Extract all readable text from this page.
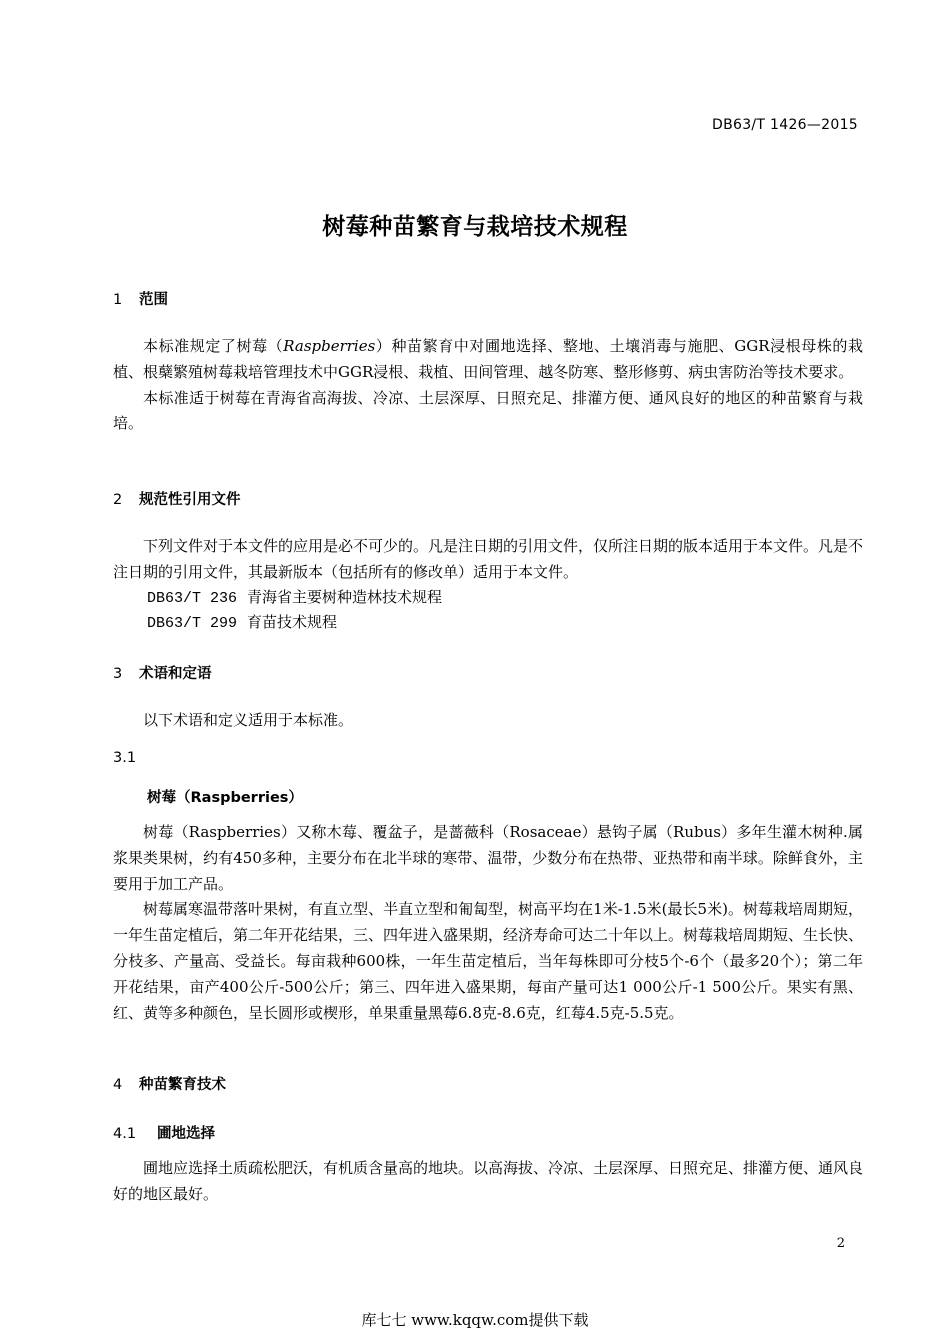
DB63/T 1426—2015
树莓种苗繁育与栽培技术规程
1 范围

本标准规定了树莓（Raspberries）种苗繁育中对圃地选择、整地、土壤消毒与施肥、GGR浸根母株的栽植、根蘖繁殖树莓栽培管理技术中GGR浸根、栽植、田间管理、越冬防寒、整形修剪、病虫害防治等技术要求。

本标准适于树莓在青海省高海拔、冷凉、土层深厚、日照充足、排灌方便、通风良好的地区的种苗繁育与栽培。

2 规范性引用文件

下列文件对于本文件的应用是必不可少的。凡是注日期的引用文件，仅所注日期的版本适用于本文件。凡是不注日期的引用文件，其最新版本（包括所有的修改单）适用于本文件。

DB63/T 236 青海省主要树种造林技术规程
DB63/T 299 育苗技术规程
3 术语和定语

以下术语和定义适用于本标准。

3.1
树莓（Raspberries）

树莓（Raspberries）又称木莓、覆盆子，是蔷薇科（Rosaceae）悬钩子属（Rubus）多年生灌木树种.属浆果类果树，约有450多种，主要分布在北半球的寒带、温带，少数分布在热带、亚热带和南半球。除鲜食外，主要用于加工产品。

树莓属寒温带落叶果树，有直立型、半直立型和匍匐型，树高平均在1米-1.5米(最长5米)。树莓栽培周期短，一年生苗定植后，第二年开花结果，三、四年进入盛果期，经济寿命可达二十年以上。树莓栽培周期短、生长快、分枝多、产量高、受益长。每亩栽种600株，一年生苗定植后，当年每株即可分枝5个-6个（最多20个）；第二年开花结果，亩产400公斤-500公斤；第三、四年进入盛果期，每亩产量可达1 000公斤-1 500公斤。果实有黑、红、黄等多种颜色，呈长圆形或楔形，单果重量黑莓6.8克-8.6克，红莓4.5克-5.5克。

4 种苗繁育技术
4.1 圃地选择

圃地应选择土质疏松肥沃，有机质含量高的地块。以高海拔、冷凉、土层深厚、日照充足、排灌方便、通风良好的地区最好。

2
库七七 www.kqqw.com提供下载
